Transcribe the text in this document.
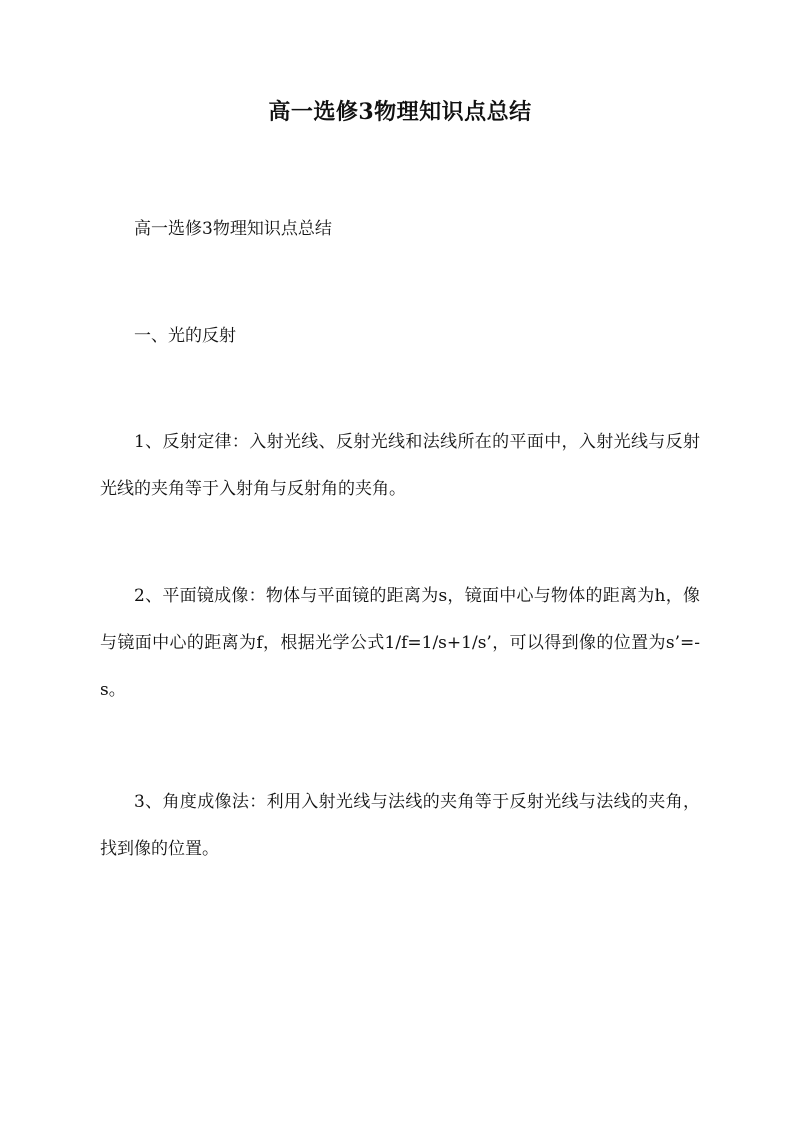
高一选修3物理知识点总结
高一选修3物理知识点总结
一、光的反射
1、反射定律：入射光线、反射光线和法线所在的平面中，入射光线与反射光线的夹角等于入射角与反射角的夹角。
2、平面镜成像：物体与平面镜的距离为s，镜面中心与物体的距离为h，像与镜面中心的距离为f，根据光学公式1/f=1/s+1/s’，可以得到像的位置为s’=-s。
3、角度成像法：利用入射光线与法线的夹角等于反射光线与法线的夹角，找到像的位置。
